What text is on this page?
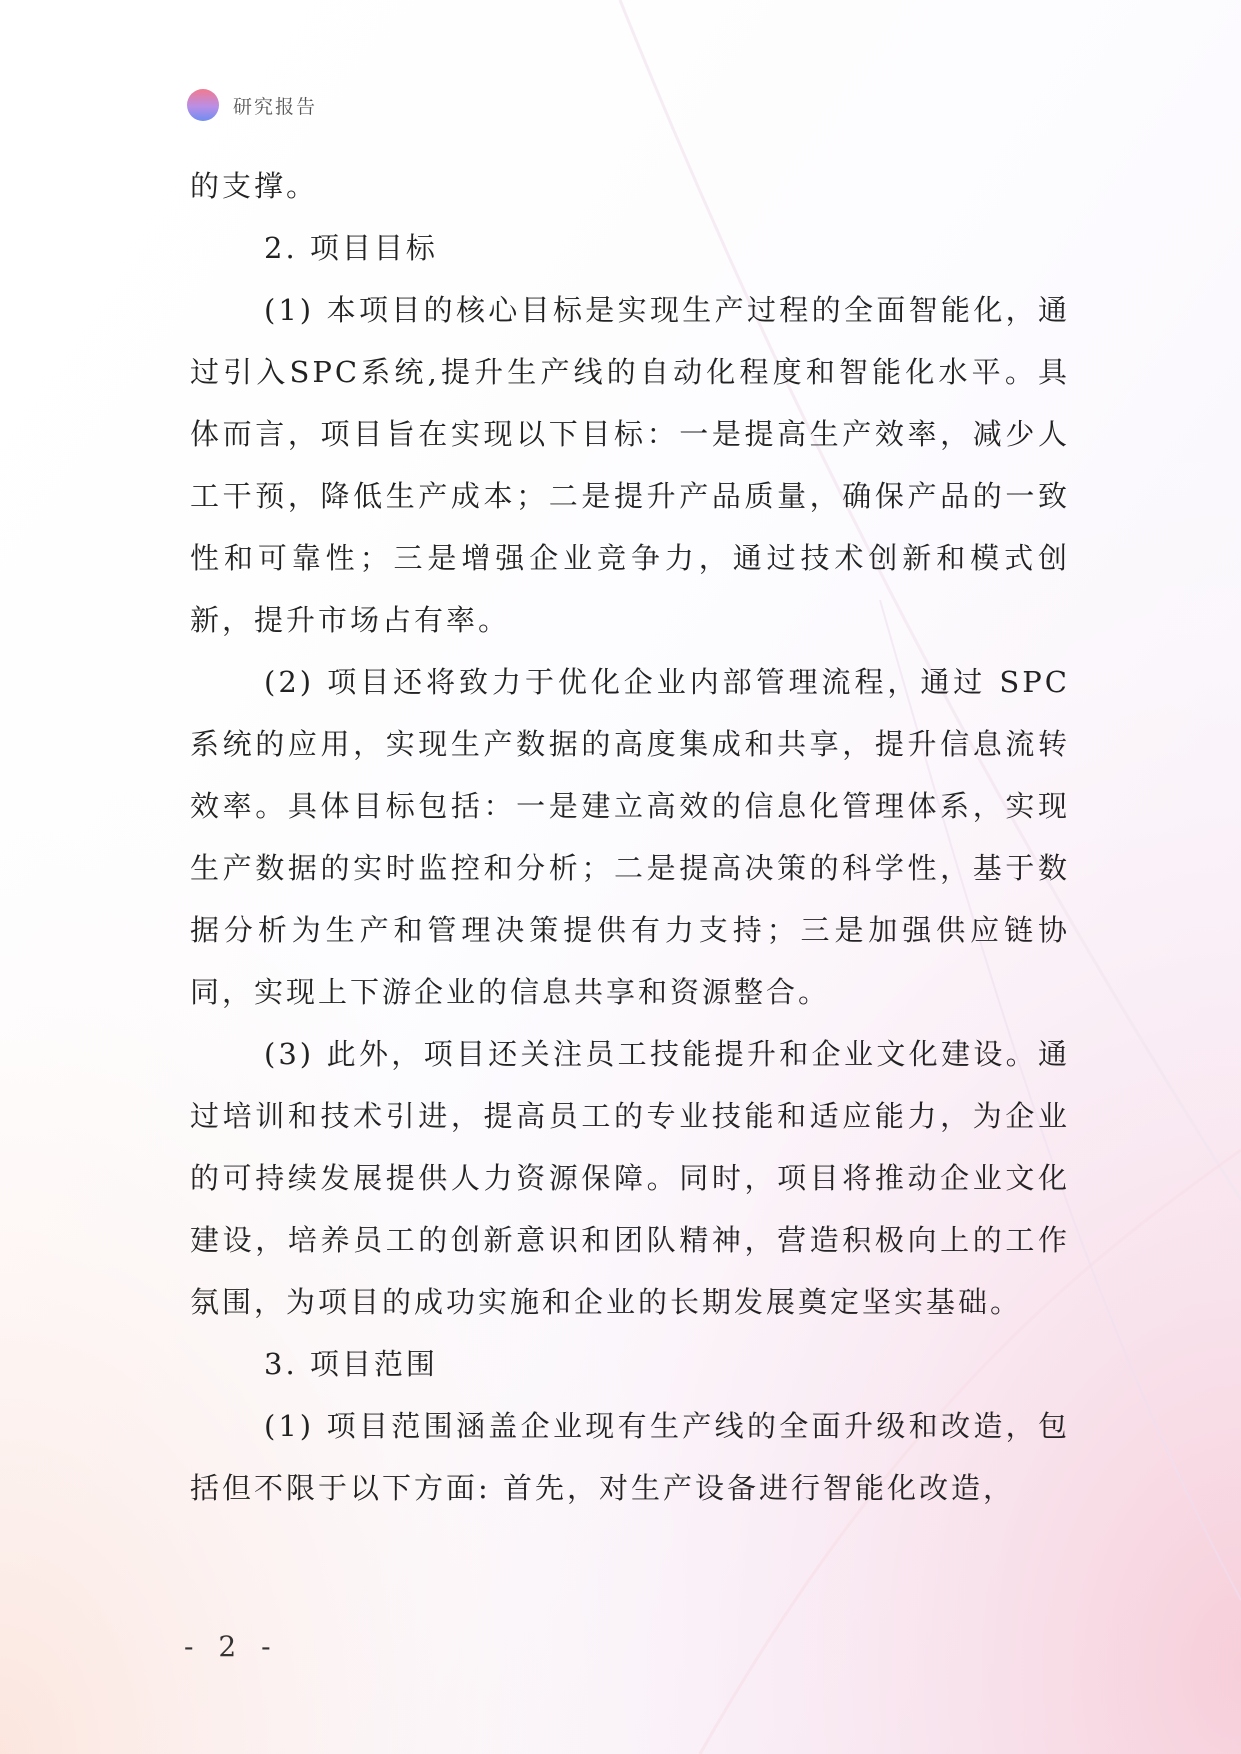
研究报告

的支撑。

2. 项目目标

(1) 本项目的核心目标是实现生产过程的全面智能化，通过引入SPC系统,提升生产线的自动化程度和智能化水平。具体而言，项目旨在实现以下目标：一是提高生产效率，减少人工干预，降低生产成本；二是提升产品质量，确保产品的一致性和可靠性；三是增强企业竞争力，通过技术创新和模式创新，提升市场占有率。

(2) 项目还将致力于优化企业内部管理流程，通过 SPC 系统的应用，实现生产数据的高度集成和共享，提升信息流转效率。具体目标包括：一是建立高效的信息化管理体系，实现生产数据的实时监控和分析；二是提高决策的科学性，基于数据分析为生产和管理决策提供有力支持；三是加强供应链协同，实现上下游企业的信息共享和资源整合。

(3) 此外，项目还关注员工技能提升和企业文化建设。通过培训和技术引进，提高员工的专业技能和适应能力，为企业的可持续发展提供人力资源保障。同时，项目将推动企业文化建设，培养员工的创新意识和团队精神，营造积极向上的工作氛围，为项目的成功实施和企业的长期发展奠定坚实基础。

3. 项目范围

(1) 项目范围涵盖企业现有生产线的全面升级和改造，包括但不限于以下方面: 首先，对生产设备进行智能化改造，

- 2 -
